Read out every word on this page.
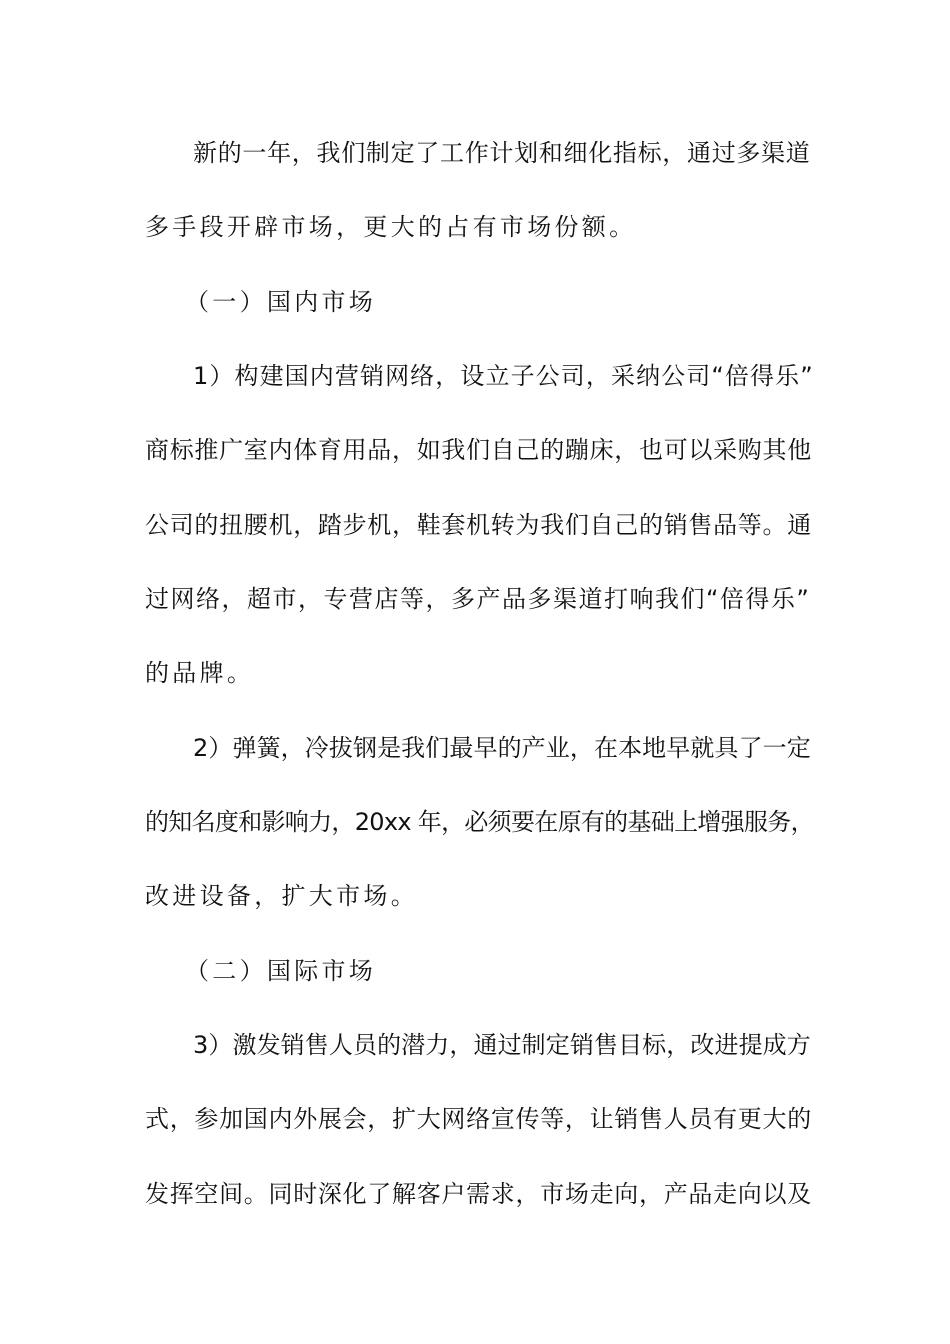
新的一年，我们制定了工作计划和细化指标，通过多渠道
多手段开辟市场，更大的占有市场份额。
（一）国内市场
1）构建国内营销网络，设立子公司，采纳公司“倍得乐”
商标推广室内体育用品，如我们自己的蹦床，也可以采购其他
公司的扭腰机，踏步机，鞋套机转为我们自己的销售品等。通
过网络，超市，专营店等，多产品多渠道打响我们“倍得乐”
的品牌。
2）弹簧，冷拔钢是我们最早的产业，在本地早就具了一定
的知名度和影响力，20xx 年，必须要在原有的基础上增强服务，
改进设备，扩大市场。
（二）国际市场
3）激发销售人员的潜力，通过制定销售目标，改进提成方
式，参加国内外展会，扩大网络宣传等，让销售人员有更大的
发挥空间。同时深化了解客户需求，市场走向，产品走向以及
